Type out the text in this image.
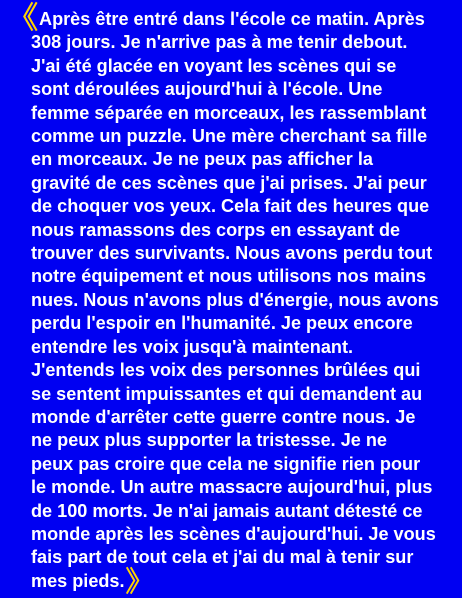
《Après être entré dans l'école ce matin. Après
308 jours. Je n'arrive pas à me tenir debout.
J'ai été glacée en voyant les scènes qui se
sont déroulées aujourd'hui à l'école. Une
femme séparée en morceaux, les rassemblant
comme un puzzle. Une mère cherchant sa fille
en morceaux. Je ne peux pas afficher la
gravité de ces scènes que j'ai prises. J'ai peur
de choquer vos yeux. Cela fait des heures que
nous ramassons des corps en essayant de
trouver des survivants. Nous avons perdu tout
notre équipement et nous utilisons nos mains
nues. Nous n'avons plus d'énergie, nous avons
perdu l'espoir en l'humanité. Je peux encore
entendre les voix jusqu'à maintenant.
J'entends les voix des personnes brûlées qui
se sentent impuissantes et qui demandent au
monde d'arrêter cette guerre contre nous. Je
ne peux plus supporter la tristesse. Je ne
peux pas croire que cela ne signifie rien pour
le monde. Un autre massacre aujourd'hui, plus
de 100 morts. Je n'ai jamais autant détesté ce
monde après les scènes d'aujourd'hui. Je vous
fais part de tout cela et j'ai du mal à tenir sur
mes pieds.》
